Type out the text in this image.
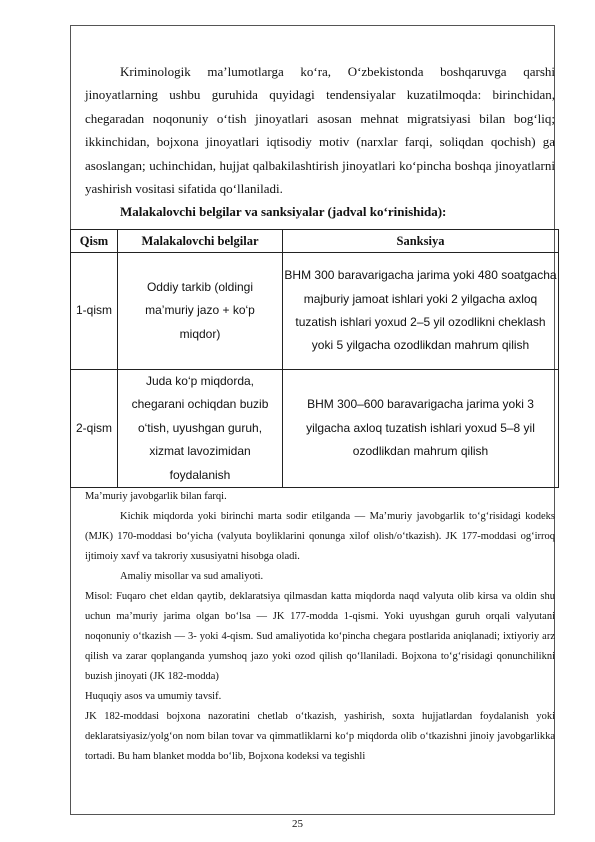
Kriminologik ma’lumotlarga ko‘ra, O‘zbekistonda boshqaruvga qarshi jinoyatlarning ushbu guruhida quyidagi tendensiyalar kuzatilmoqda: birinchidan, chegaradan noqonuniy o‘tish jinoyatlari asosan mehnat migratsiyasi bilan bog‘liq; ikkinchidan, bojxona jinoyatlari iqtisodiy motiv (narxlar farqi, soliqdan qochish) ga asoslangan; uchinchidan, hujjat qalbakilashtirish jinoyatlari ko‘pincha boshqa jinoyatlarni yashirish vositasi sifatida qo‘llaniladi.

Malakalovchi belgilar va sanksiyalar (jadval ko‘rinishida):

Qism	Malakalovchi belgilar	Sanksiya
1-qism	Oddiy tarkib (oldingi ma’muriy jazo + ko‘p miqdor)	BHM 300 baravarigacha jarima yoki 480 soatgacha majburiy jamoat ishlari yoki 2 yilgacha axloq tuzatish ishlari yoxud 2–5 yil ozodlikni cheklash yoki 5 yilgacha ozodlikdan mahrum qilish
2-qism	Juda ko‘p miqdorda, chegarani ochiqdan buzib o‘tish, uyushgan guruh, xizmat lavozimidan foydalanish	BHM 300–600 baravarigacha jarima yoki 3 yilgacha axloq tuzatish ishlari yoxud 5–8 yil ozodlikdan mahrum qilish

Ma’muriy javobgarlik bilan farqi.

Kichik miqdorda yoki birinchi marta sodir etilganda — Ma’muriy javobgarlik to‘g‘risidagi kodeks (MJK) 170-moddasi bo‘yicha (valyuta boyliklarini qonunga xilof olish/o‘tkazish). JK 177-moddasi og‘irroq ijtimoiy xavf va takroriy xususiyatni hisobga oladi.

Amaliy misollar va sud amaliyoti.

Misol: Fuqaro chet eldan qaytib, deklaratsiya qilmasdan katta miqdorda naqd valyuta olib kirsa va oldin shu uchun ma’muriy jarima olgan bo‘lsa — JK 177-modda 1-qismi. Yoki uyushgan guruh orqali valyutani noqonuniy o‘tkazish — 3- yoki 4-qism. Sud amaliyotida ko‘pincha chegara postlarida aniqlanadi; ixtiyoriy arz qilish va zarar qoplanganda yumshoq jazo yoki ozod qilish qo‘llaniladi. Bojxona to‘g‘risidagi qonunchilikni buzish jinoyati (JK 182-modda)

Huquqiy asos va umumiy tavsif.

JK 182-moddasi bojxona nazoratini chetlab o‘tkazish, yashirish, soxta hujjatlardan foydalanish yoki deklaratsiyasiz/yolg‘on nom bilan tovar va qimmatliklarni ko‘p miqdorda olib o‘tkazishni jinoiy javobgarlikka tortadi. Bu ham blanket modda bo‘lib, Bojxona kodeksi va tegishli

25
